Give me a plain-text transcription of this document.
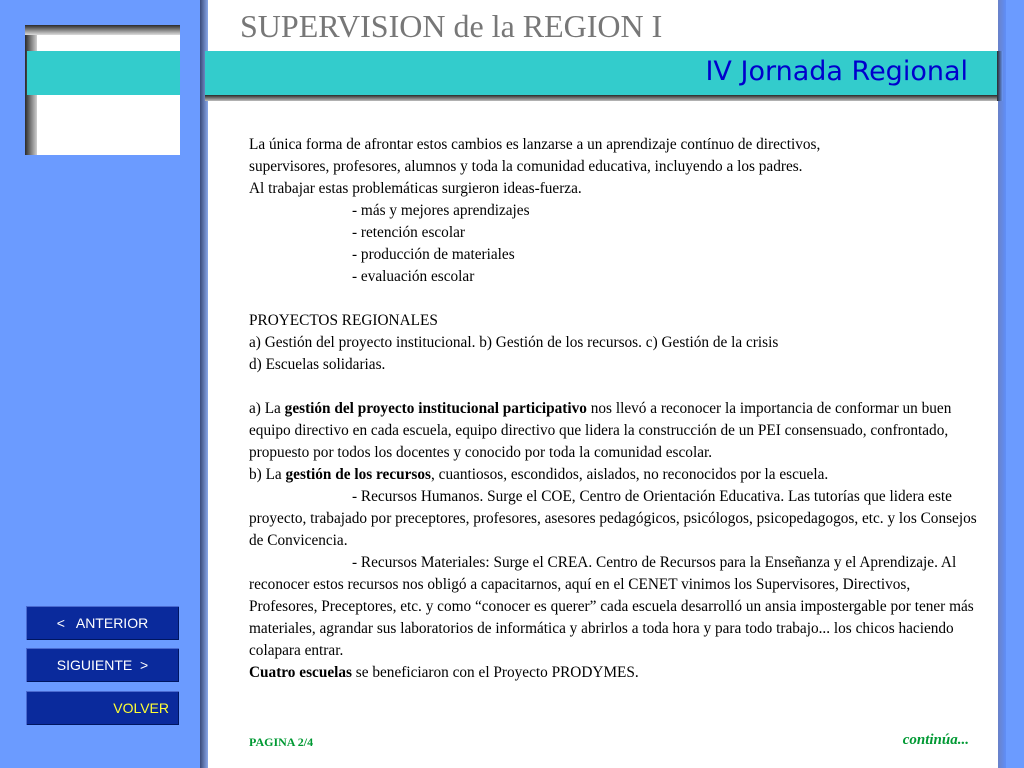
SUPERVISION de la REGION I
IV Jornada Regional

La única forma de afrontar estos cambios es lanzarse a un aprendizaje contínuo de directivos,

supervisores, profesores, alumnos y toda la comunidad educativa, incluyendo a los padres.

Al trabajar estas problemáticas surgieron ideas-fuerza.

- más y mejores aprendizajes

- retención escolar

- producción de materiales

- evaluación escolar

PROYECTOS REGIONALES

a) Gestión del proyecto institucional. b) Gestión de los recursos. c) Gestión de la crisis

d) Escuelas solidarias.

a) La gestión del proyecto institucional participativo nos llevó a reconocer la importancia de conformar un buen equipo directivo en cada escuela, equipo directivo que lidera la construcción de un PEI consensuado, confrontado, propuesto por todos los docentes y conocido por toda la comunidad escolar.

b) La gestión de los recursos, cuantiosos, escondidos, aislados, no reconocidos por la escuela.

- Recursos Humanos. Surge el COE, Centro de Orientación Educativa. Las tutorías que lidera este proyecto, trabajado por preceptores, profesores, asesores pedagógicos, psicólogos, psicopedagogos, etc. y los Consejos de Convicencia.

- Recursos Materiales: Surge el CREA. Centro de Recursos para la Enseñanza y el Aprendizaje. Al reconocer estos recursos nos obligó a capacitarnos, aquí en el CENET vinimos los Supervisores, Directivos, Profesores, Preceptores, etc. y como “conocer es querer” cada escuela desarrolló un ansia impostergable por tener más materiales, agrandar sus laboratorios de informática y abrirlos a toda hora y para todo trabajo... los chicos haciendo colapara entrar.

Cuatro escuelas se beneficiaron con el Proyecto PRODYMES.

<   ANTERIOR
SIGUIENTE  >
VOLVER
PAGINA 2/4	continúa...
